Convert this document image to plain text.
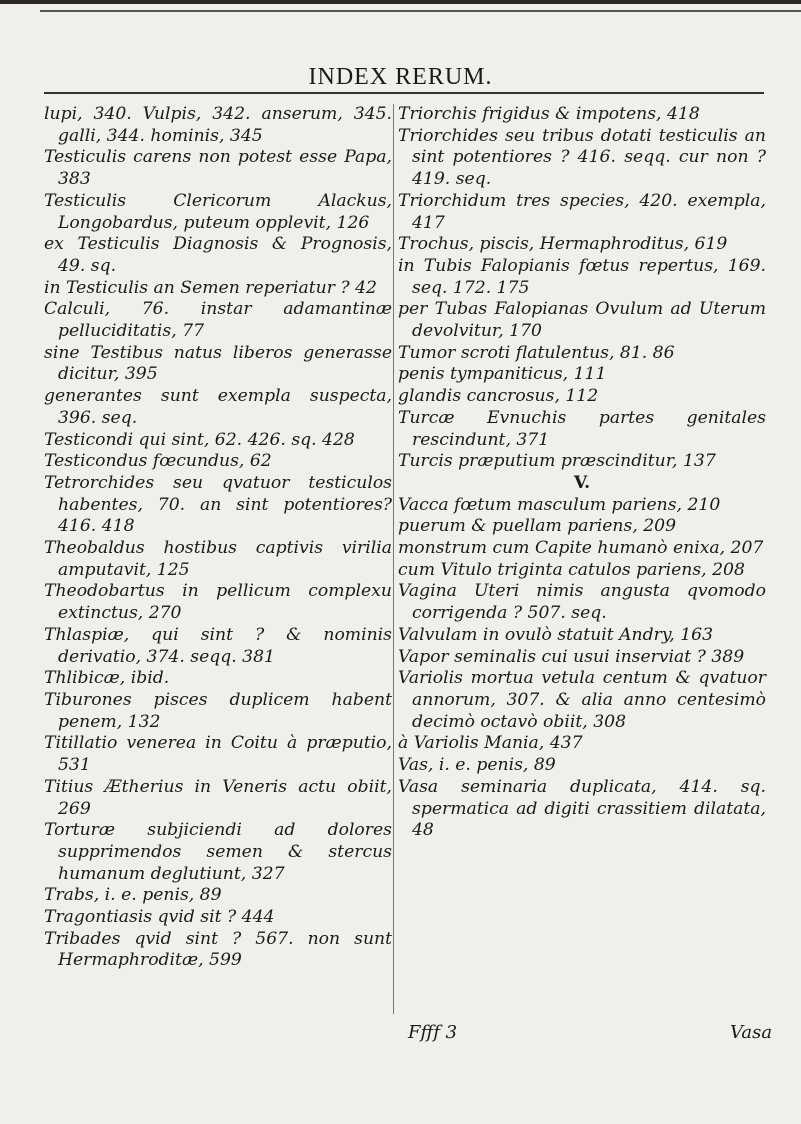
INDEX RERUM.

lupi, 340. Vulpis, 342. anserum, 345. galli, 344. hominis, 345

Testiculis carens non potest esse Papa, 383

Testiculis Clericorum Alackus, Longobardus, puteum opplevit, 126

ex Testiculis Diagnosis & Prognosis, 49. sq.

in Testiculis an Semen reperiatur ? 42

Calculi, 76. instar adamantinæ pelluciditatis, 77

sine Testibus natus liberos generasse dicitur, 395

generantes sunt exempla suspecta, 396. seq.

Testicondi qui sint, 62. 426. sq. 428

Testicondus fœcundus, 62

Tetrorchides seu qvatuor testiculos habentes, 70. an sint potentiores? 416. 418

Theobaldus hostibus captivis virilia amputavit, 125

Theodobartus in pellicum complexu extinctus, 270

Thlaspiæ, qui sint ? & nominis derivatio, 374. seqq. 381

Thlibicæ, ibid.

Tiburones pisces duplicem habent penem, 132

Titillatio venerea in Coitu à præputio, 531

Titius Ætherius in Veneris actu obiit, 269

Torturæ subjiciendi ad dolores supprimendos semen & stercus humanum deglutiunt, 327

Trabs, i. e. penis, 89

Tragontiasis qvid sit ? 444

Tribades qvid sint ? 567. non sunt Hermaphroditæ, 599

Triorchis frigidus & impotens, 418

Triorchides seu tribus dotati testiculis an sint potentiores ? 416. seqq. cur non ? 419. seq.

Triorchidum tres species, 420. exempla, 417

Trochus, piscis, Hermaphroditus, 619

in Tubis Falopianis fœtus repertus, 169. seq. 172. 175

per Tubas Falopianas Ovulum ad Uterum devolvitur, 170

Tumor scroti flatulentus, 81. 86

penis tympaniticus, 111

glandis cancrosus, 112

Turcæ Evnuchis partes genitales rescindunt, 371

Turcis præputium præscinditur, 137

V.

Vacca fœtum masculum pariens, 210

puerum & puellam pariens, 209

monstrum cum Capite humanò enixa, 207

cum Vitulo triginta catulos pariens, 208

Vagina Uteri nimis angusta qvomodo corrigenda ? 507. seq.

Valvulam in ovulò statuit Andry, 163

Vapor seminalis cui usui inserviat ? 389

Variolis mortua vetula centum & qvatuor annorum, 307. & alia anno centesimò decimò octavò obiit, 308

à Variolis Mania, 437

Vas, i. e. penis, 89

Vasa seminaria duplicata, 414. sq. spermatica ad digiti crassitiem dilatata, 48

Ffff 3	Vasa
